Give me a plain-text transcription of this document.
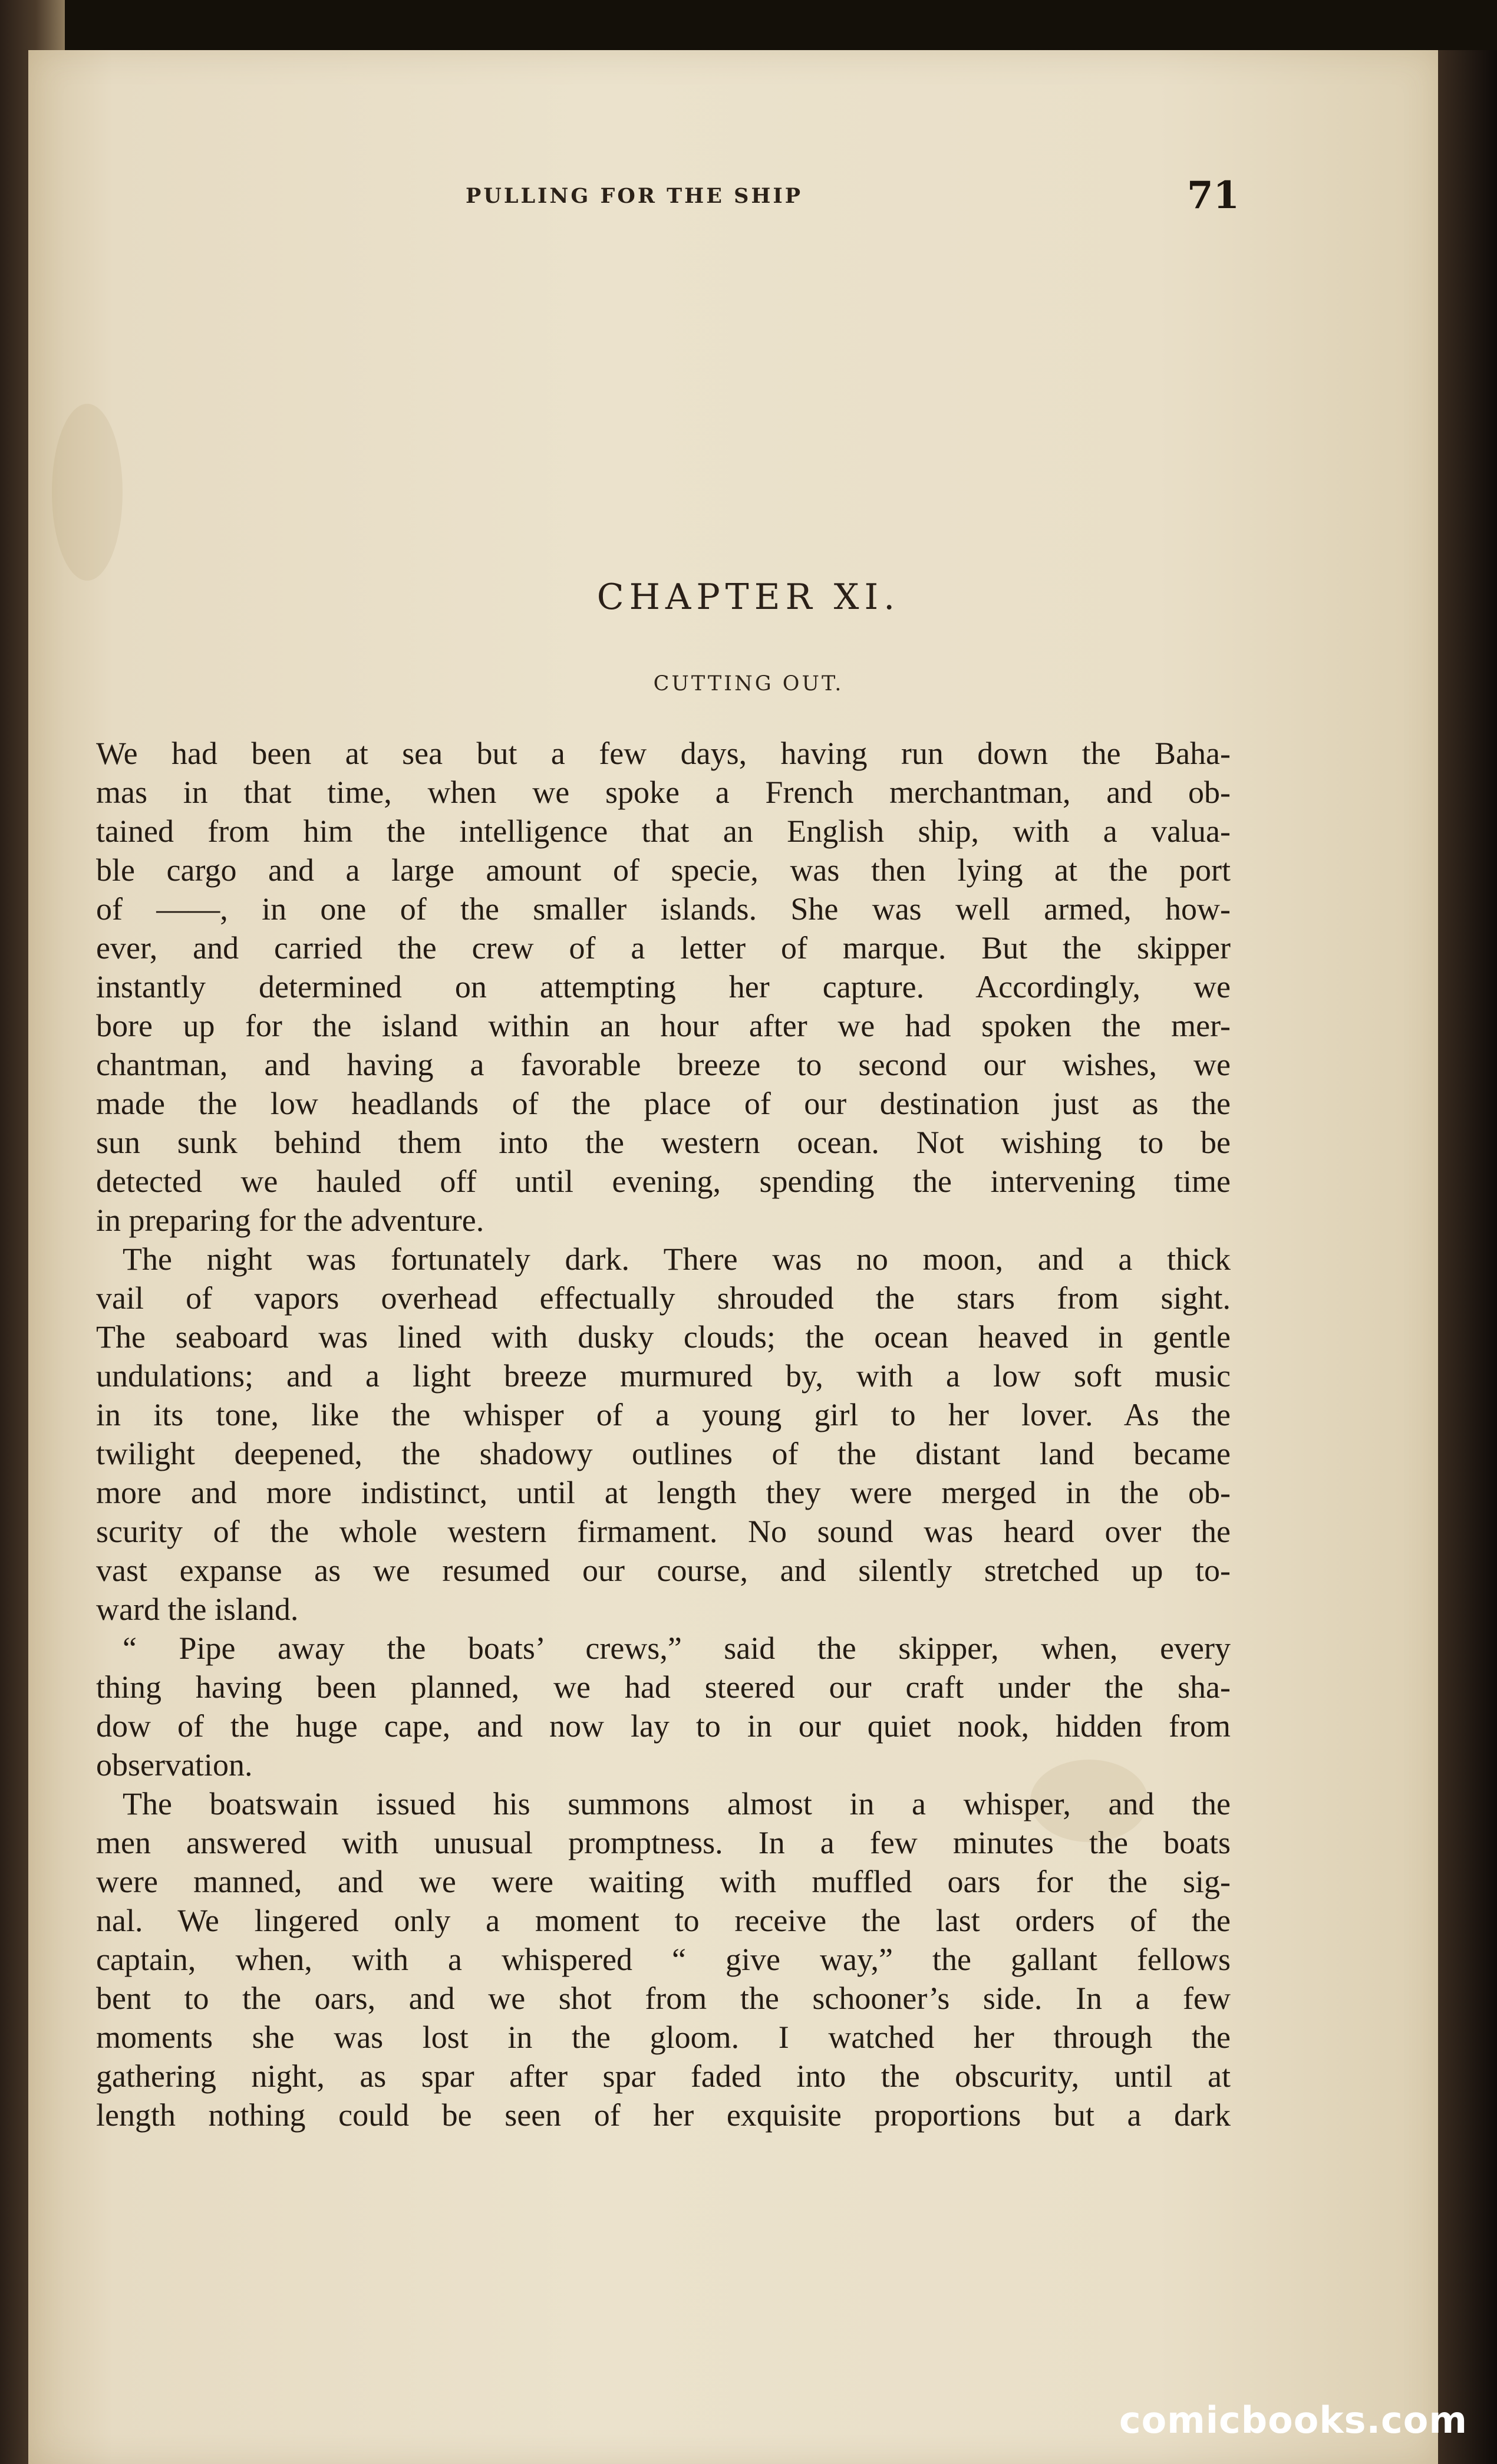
PULLING FOR THE SHIP	71
CHAPTER XI.
CUTTING OUT.
We had been at sea but a few days, having run down the Baha-
mas in that time, when we spoke a French merchantman, and ob-
tained from him the intelligence that an English ship, with a valua-
ble cargo and a large amount of specie, was then lying at the port
of ——, in one of the smaller islands. She was well armed, how-
ever, and carried the crew of a letter of marque. But the skipper
instantly determined on attempting her capture. Accordingly, we
bore up for the island within an hour after we had spoken the mer-
chantman, and having a favorable breeze to second our wishes, we
made the low headlands of the place of our destination just as the
sun sunk behind them into the western ocean. Not wishing to be
detected we hauled off until evening, spending the intervening time
in preparing for the adventure.
The night was fortunately dark. There was no moon, and a thick
vail of vapors overhead effectually shrouded the stars from sight.
The seaboard was lined with dusky clouds; the ocean heaved in gentle
undulations; and a light breeze murmured by, with a low soft music
in its tone, like the whisper of a young girl to her lover. As the
twilight deepened, the shadowy outlines of the distant land became
more and more indistinct, until at length they were merged in the ob-
scurity of the whole western firmament. No sound was heard over the
vast expanse as we resumed our course, and silently stretched up to-
ward the island.
“ Pipe away the boats’ crews,” said the skipper, when, every
thing having been planned, we had steered our craft under the sha-
dow of the huge cape, and now lay to in our quiet nook, hidden from
observation.
The boatswain issued his summons almost in a whisper, and the
men answered with unusual promptness. In a few minutes the boats
were manned, and we were waiting with muffled oars for the sig-
nal. We lingered only a moment to receive the last orders of the
captain, when, with a whispered “ give way,” the gallant fellows
bent to the oars, and we shot from the schooner’s side. In a few
moments she was lost in the gloom. I watched her through the
gathering night, as spar after spar faded into the obscurity, until at
length nothing could be seen of her exquisite proportions but a dark
comicbooks.com
